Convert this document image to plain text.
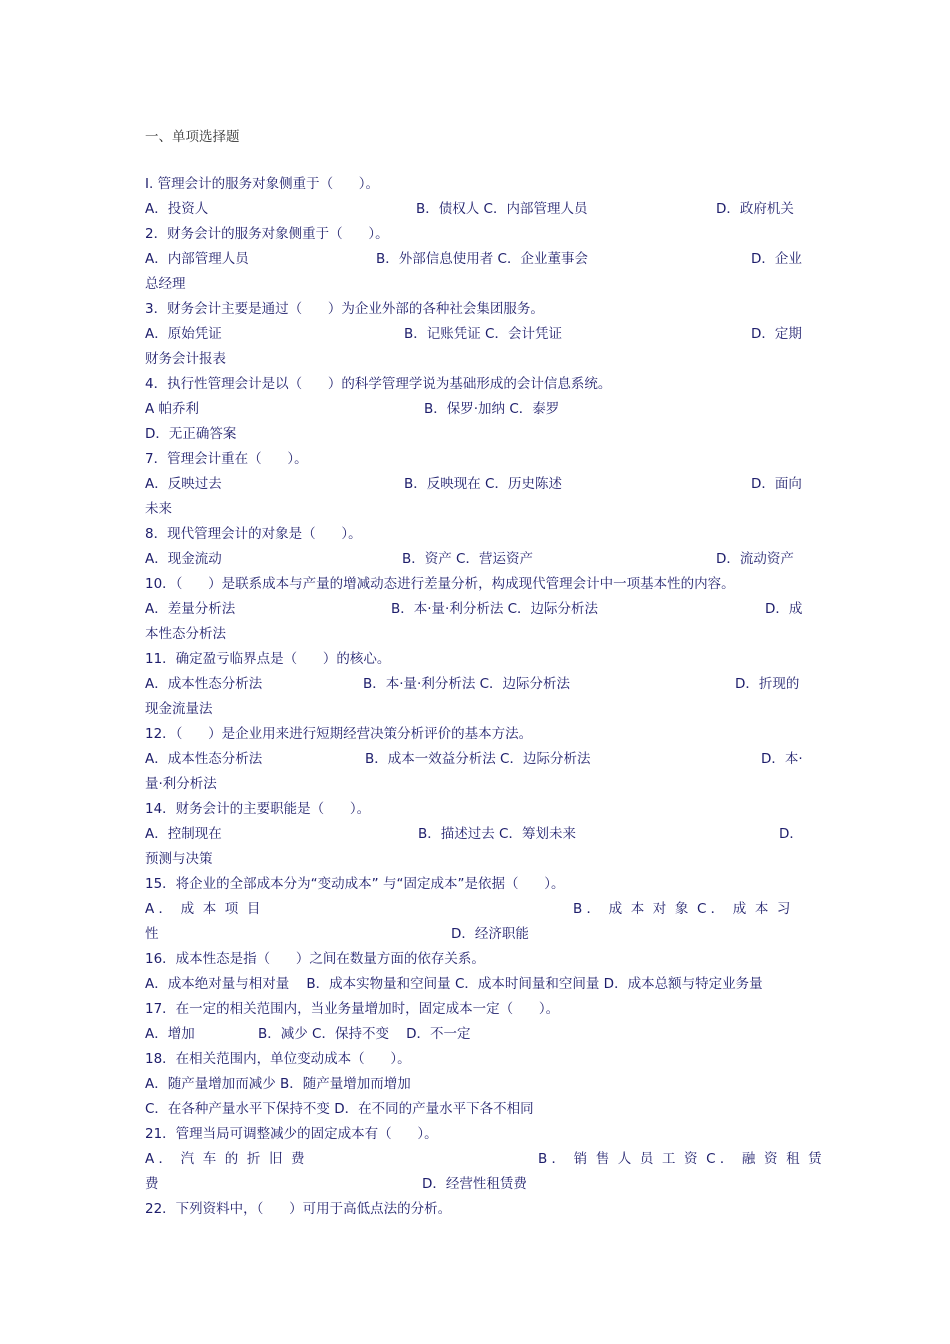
一、单项选择题
Ⅰ. 管理会计的服务对象侧重于（      ）。
A．投资人	B．债权人 C．内部管理人员	D．政府机关
2．财务会计的服务对象侧重于（      ）。
A．内部管理人员	B．外部信息使用者 C．企业董事会	D．企业
总经理
3．财务会计主要是通过（      ）为企业外部的各种社会集团服务。
A．原始凭证	B．记账凭证 C．会计凭证	D．定期
财务会计报表
4．执行性管理会计是以（      ）的科学管理学说为基础形成的会计信息系统。
A 帕乔利	B．保罗·加纳 C．泰罗
D．无正确答案
7．管理会计重在（      ）。
A．反映过去	B．反映现在 C．历史陈述	D．面向
未来
8．现代管理会计的对象是（      ）。
A．现金流动	B．资产 C．营运资产	D．流动资产
10．（      ）是联系成本与产量的增减动态进行差量分析，构成现代管理会计中一项基本性的内容。
A．差量分析法	B．本·量·利分析法 C．边际分析法	D．成
本性态分析法
11．确定盈亏临界点是（      ）的核心。
A．成本性态分析法	B．本·量·利分析法 C．边际分析法	D．折现的
现金流量法
12．（      ）是企业用来进行短期经营决策分析评价的基本方法。
A．成本性态分析法	B．成本一效益分析法 C．边际分析法	D．本·
量·利分析法
14．财务会计的主要职能是（      ）。
A．控制现在	B．描述过去 C．筹划未来	D．
预测与决策
15．将企业的全部成本分为“变动成本” 与“固定成本”是依据（      ）。
A ．  成  本  项  目	B ．  成  本  对  象  C ．  成  本  习
性	D．经济职能
16．成本性态是指（      ）之间在数量方面的依存关系。
A．成本绝对量与相对量    B．成本实物量和空间量 C．成本时间量和空间量 D．成本总额与特定业务量
17．在一定的相关范围内，当业务量增加时，固定成本一定（      ）。
A．增加	B．减少 C．保持不变    D．不一定
18．在相关范围内，单位变动成本（      ）。
A．随产量增加而减少 B．随产量增加而增加
C．在各种产量水平下保持不变 D．在不同的产量水平下各不相同
21．管理当局可调整减少的固定成本有（      ）。
A ．  汽  车  的  折  旧  费	B ．  销  售  人  员  工  资  C ．  融  资  租  赁
费	D．经营性租赁费
22．下列资料中，（      ）可用于高低点法的分析。
